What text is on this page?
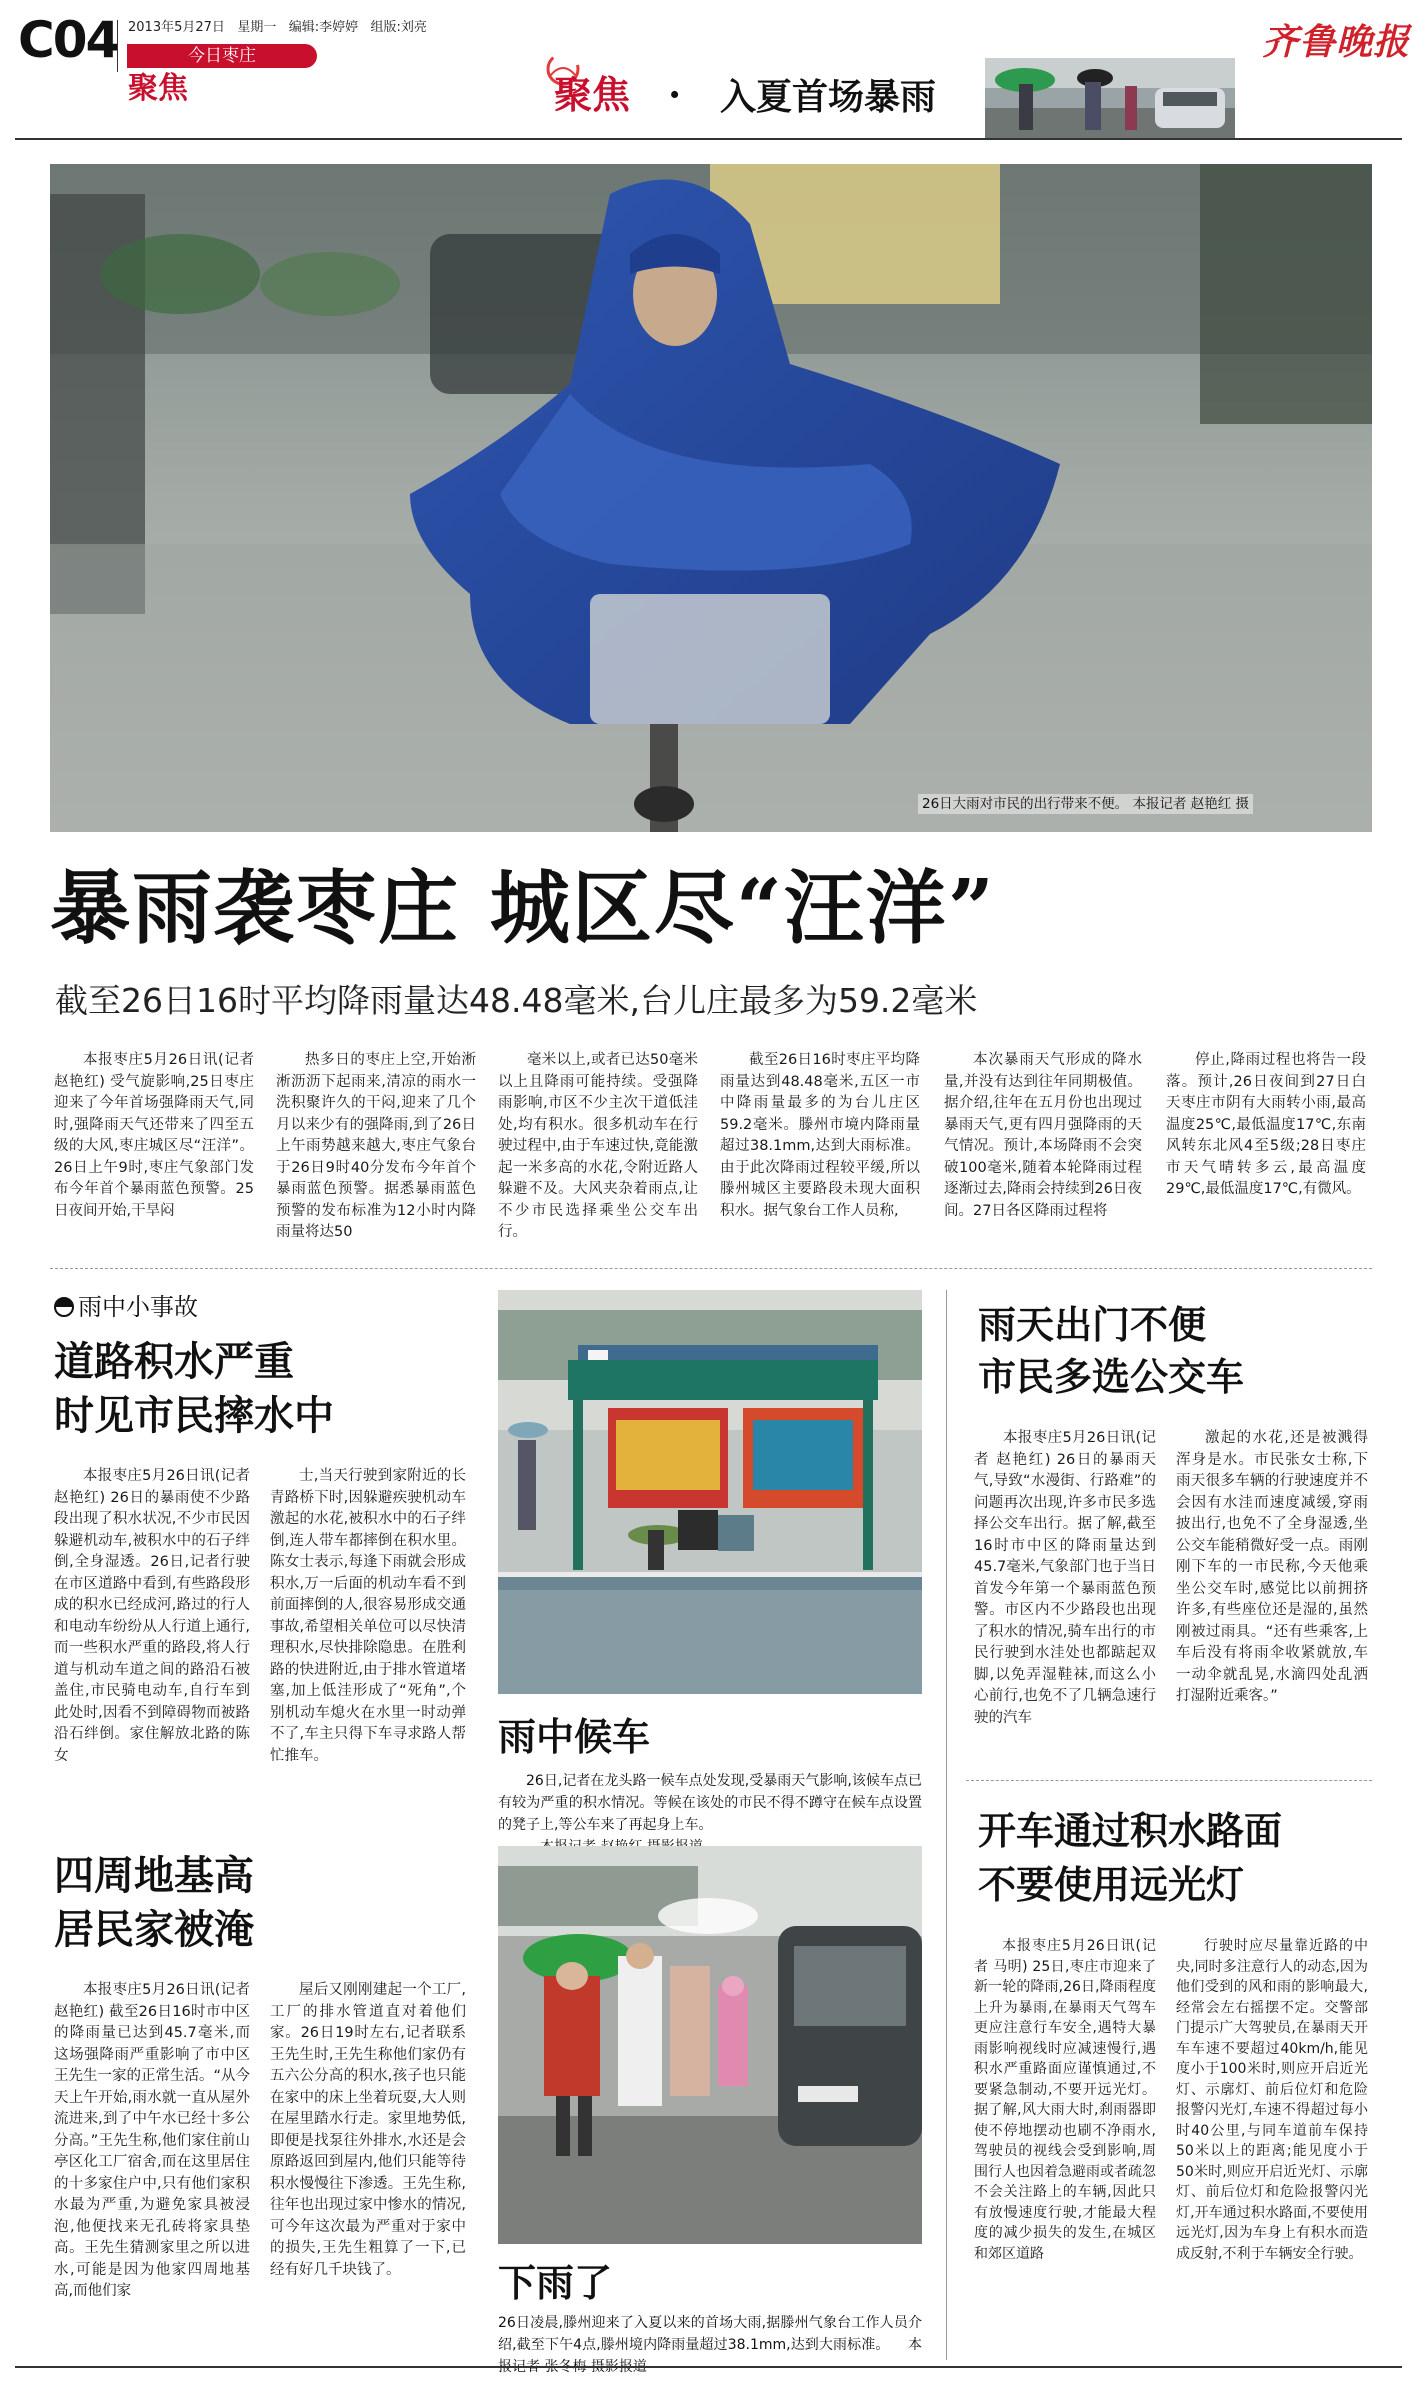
C04 2013年5月27日 星期一 编辑:李婷婷 组版:刘亮
今日枣庄
聚焦	聚焦 · 入夏首场暴雨
齐鲁晚报
26日大雨对市民的出行带来不便。 本报记者 赵艳红 摄
暴雨袭枣庄 城区尽“汪洋”
截至26日16时平均降雨量达48.48毫米,台儿庄最多为59.2毫米

本报枣庄5月26日讯(记者 赵艳红) 受气旋影响,25日枣庄迎来了今年首场强降雨天气,同时,强降雨天气还带来了四至五级的大风,枣庄城区尽“汪洋”。26日上午9时,枣庄气象部门发布今年首个暴雨蓝色预警。25日夜间开始,干旱闷

热多日的枣庄上空,开始淅淅沥沥下起雨来,清凉的雨水一洗积聚许久的干闷,迎来了几个月以来少有的强降雨,到了26日上午雨势越来越大,枣庄气象台于26日9时40分发布今年首个暴雨蓝色预警。据悉暴雨蓝色预警的发布标准为12小时内降雨量将达50

毫米以上,或者已达50毫米以上且降雨可能持续。受强降雨影响,市区不少主次干道低洼处,均有积水。很多机动车在行驶过程中,由于车速过快,竟能激起一米多高的水花,令附近路人躲避不及。大风夹杂着雨点,让不少市民选择乘坐公交车出行。

截至26日16时枣庄平均降雨量达到48.48毫米,五区一市中降雨量最多的为台儿庄区59.2毫米。滕州市境内降雨量超过38.1mm,达到大雨标准。由于此次降雨过程较平缓,所以滕州城区主要路段未现大面积积水。据气象台工作人员称,

本次暴雨天气形成的降水量,并没有达到往年同期极值。据介绍,往年在五月份也出现过暴雨天气,更有四月强降雨的天气情况。预计,本场降雨不会突破100毫米,随着本轮降雨过程逐渐过去,降雨会持续到26日夜间。27日各区降雨过程将

停止,降雨过程也将告一段落。预计,26日夜间到27日白天枣庄市阴有大雨转小雨,最高温度25℃,最低温度17℃,东南风转东北风4至5级;28日枣庄市天气晴转多云,最高温度29℃,最低温度17℃,有微风。

雨中小事故
道路积水严重
时见市民摔水中

本报枣庄5月26日讯(记者 赵艳红) 26日的暴雨使不少路段出现了积水状况,不少市民因躲避机动车,被积水中的石子绊倒,全身湿透。26日,记者行驶在市区道路中看到,有些路段形成的积水已经成河,路过的行人和电动车纷纷从人行道上通行,而一些积水严重的路段,将人行道与机动车道之间的路沿石被盖住,市民骑电动车,自行车到此处时,因看不到障碍物而被路沿石绊倒。家住解放北路的陈女

士,当天行驶到家附近的长青路桥下时,因躲避疾驶机动车激起的水花,被积水中的石子绊倒,连人带车都摔倒在积水里。陈女士表示,每逢下雨就会形成积水,万一后面的机动车看不到前面摔倒的人,很容易形成交通事故,希望相关单位可以尽快清理积水,尽快排除隐患。在胜利路的快进附近,由于排水管道堵塞,加上低洼形成了“死角”,个别机动车熄火在水里一时动弹不了,车主只得下车寻求路人帮忙推车。

四周地基高
居民家被淹

本报枣庄5月26日讯(记者 赵艳红) 截至26日16时市中区的降雨量已达到45.7毫米,而这场强降雨严重影响了市中区王先生一家的正常生活。“从今天上午开始,雨水就一直从屋外流进来,到了中午水已经十多公分高。”王先生称,他们家住前山亭区化工厂宿舍,而在这里居住的十多家住户中,只有他们家积水最为严重,为避免家具被浸泡,他便找来无孔砖将家具垫高。王先生猜测家里之所以进水,可能是因为他家四周地基高,而他们家

屋后又刚刚建起一个工厂,工厂的排水管道直对着他们家。26日19时左右,记者联系王先生时,王先生称他们家仍有五六公分高的积水,孩子也只能在家中的床上坐着玩耍,大人则在屋里踏水行走。家里地势低,即便是找泵往外排水,水还是会原路返回到屋内,他们只能等待积水慢慢往下渗透。王先生称,往年也出现过家中惨水的情况,可今年这次最为严重对于家中的损失,王先生粗算了一下,已经有好几千块钱了。

雨中候车
26日,记者在龙头路一候车点处发现,受暴雨天气影响,该候车点已有较为严重的积水情况。等候在该处的市民不得不蹲守在候车点设置的凳子上,等公车来了再起身上车。
下雨了
26日凌晨,滕州迎来了入夏以来的首场大雨,据滕州气象台工作人员介绍,截至下午4点,滕州境内降雨量超过38.1mm,达到大雨标准。 本报记者 张冬梅 摄影报道
雨天出门不便
市民多选公交车

本报枣庄5月26日讯(记者 赵艳红) 26日的暴雨天气,导致“水漫街、行路难”的问题再次出现,许多市民多选择公交车出行。据了解,截至16时市中区的降雨量达到45.7毫米,气象部门也于当日首发今年第一个暴雨蓝色预警。市区内不少路段也出现了积水的情况,骑车出行的市民行驶到水洼处也都踮起双脚,以免弄湿鞋袜,而这么小心前行,也免不了几辆急速行驶的汽车

激起的水花,还是被溅得浑身是水。市民张女士称,下雨天很多车辆的行驶速度并不会因有水洼而速度减缓,穿雨披出行,也免不了全身湿透,坐公交车能稍微好受一点。雨刚刚下车的一市民称,今天他乘坐公交车时,感觉比以前拥挤许多,有些座位还是湿的,虽然刚被过雨具。“还有些乘客,上车后没有将雨伞收紧就放,车一动伞就乱晃,水滴四处乱洒打湿附近乘客。”

开车通过积水路面
不要使用远光灯

本报枣庄5月26日讯(记者 马明) 25日,枣庄市迎来了新一轮的降雨,26日,降雨程度上升为暴雨,在暴雨天气驾车更应注意行车安全,遇特大暴雨影响视线时应减速慢行,遇积水严重路面应谨慎通过,不要紧急制动,不要开远光灯。据了解,风大雨大时,刹雨器即使不停地摆动也刷不净雨水,驾驶员的视线会受到影响,周围行人也因着急避雨或者疏忽不会关注路上的车辆,因此只有放慢速度行驶,才能最大程度的减少损失的发生,在城区和郊区道路

行驶时应尽量靠近路的中央,同时多注意行人的动态,因为他们受到的风和雨的影响最大,经常会左右摇摆不定。交警部门提示广大驾驶员,在暴雨天开车车速不要超过40km/h,能见度小于100米时,则应开启近光灯、示廓灯、前后位灯和危险报警闪光灯,车速不得超过每小时40公里,与同车道前车保持50米以上的距离;能见度小于50米时,则应开启近光灯、示廓灯、前后位灯和危险报警闪光灯,开车通过积水路面,不要使用远光灯,因为车身上有积水而造成反射,不利于车辆安全行驶。
